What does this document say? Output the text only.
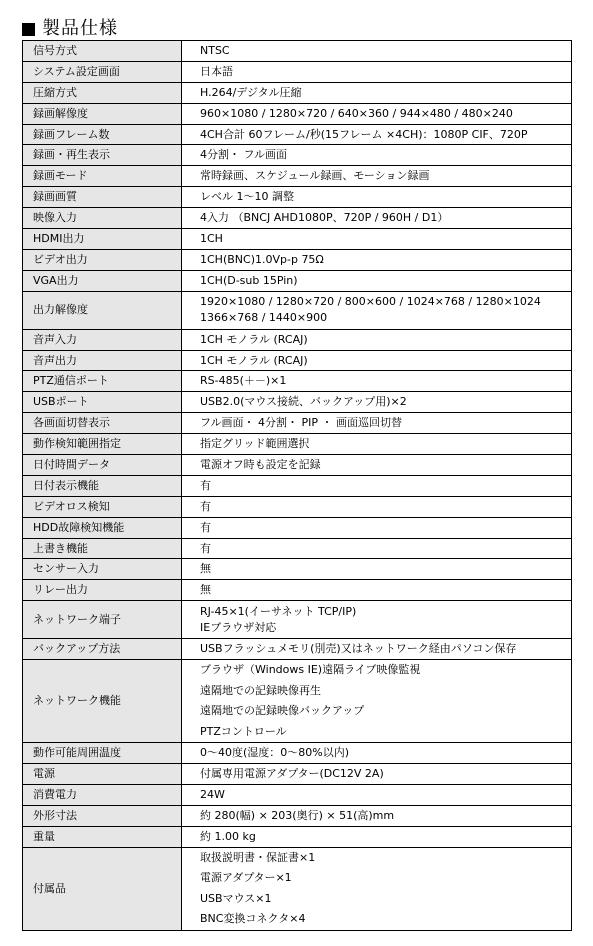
製品仕様
信号方式	NTSC

システム設定画面	日本語

圧縮方式	H.264/デジタル圧縮

録画解像度	960×1080 / 1280×720 / 640×360 / 944×480 / 480×240

録画フレーム数	4CH合計 60フレーム/秒(15フレーム ×4CH)：1080P CIF、720P

録画・再生表示	4分割・ フル画面

録画モード	常時録画、スケジュール録画、モーション録画

録画画質	レベル 1～10 調整

映像入力	4入力 （BNCJ AHD1080P、720P / 960H / D1）

HDMI出力	1CH

ビデオ出力	1CH(BNC)1.0Vp-p 75Ω

VGA出力	1CH(D-sub 15Pin)

出力解像度	1920×1080 / 1280×720 / 800×600 / 1024×768 / 1280×1024
1366×768 / 1440×900

音声入力	1CH モノラル (RCAJ)

音声出力	1CH モノラル (RCAJ)

PTZ通信ポート	RS-485(＋－)×1

USBポート	USB2.0(マウス接続、バックアップ用)×2

各画面切替表示	フル画面・ 4分割・ PIP ・ 画面巡回切替

動作検知範囲指定	指定グリッド範囲選択

日付時間データ	電源オフ時も設定を記録

日付表示機能	有

ビデオロス検知	有

HDD故障検知機能	有

上書き機能	有

センサー入力	無

リレー出力	無

ネットワーク端子	RJ-45×1(イーサネット TCP/IP)
IEブラウザ対応

バックアップ方法	USBフラッシュメモリ(別売)又はネットワーク経由パソコン保存

ネットワーク機能	ブラウザ（Windows IE)遠隔ライブ映像監視
遠隔地での記録映像再生
遠隔地での記録映像バックアップ
PTZコントロール

動作可能周囲温度	0～40度(湿度：0～80%以内)

電源	付属専用電源アダプター(DC12V 2A)

消費電力	24W

外形寸法	約 280(幅) × 203(奥行) × 51(高)mm

重量	約 1.00 kg

付属品	取扱説明書・保証書×1
電源アダプター×1
USBマウス×1
BNC変換コネクタ×4
